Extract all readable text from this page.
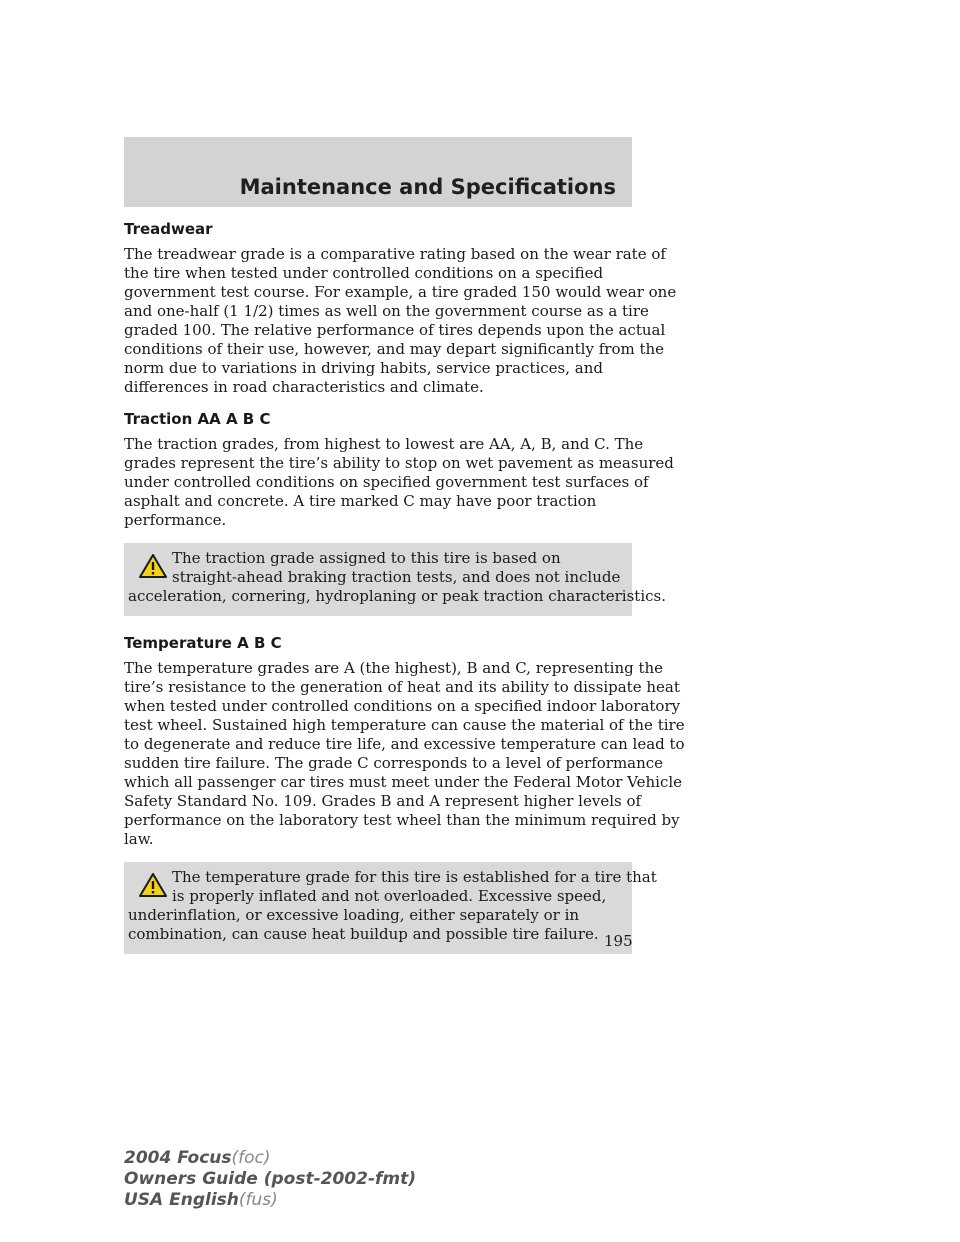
Maintenance and Specifications
Treadwear

The treadwear grade is a comparative rating based on the wear rate of
the tire when tested under controlled conditions on a specified
government test course. For example, a tire graded 150 would wear one
and one-half (1 1/2) times as well on the government course as a tire
graded 100. The relative performance of tires depends upon the actual
conditions of their use, however, and may depart significantly from the
norm due to variations in driving habits, service practices, and
differences in road characteristics and climate.

Traction AA A B C

The traction grades, from highest to lowest are AA, A, B, and C. The
grades represent the tire’s ability to stop on wet pavement as measured
under controlled conditions on specified government test surfaces of
asphalt and concrete. A tire marked C may have poor traction
performance.

The traction grade assigned to this tire is based on
straight-ahead braking traction tests, and does not include
acceleration, cornering, hydroplaning or peak traction characteristics.
Temperature A B C

The temperature grades are A (the highest), B and C, representing the
tire’s resistance to the generation of heat and its ability to dissipate heat
when tested under controlled conditions on a specified indoor laboratory
test wheel. Sustained high temperature can cause the material of the tire
to degenerate and reduce tire life, and excessive temperature can lead to
sudden tire failure. The grade C corresponds to a level of performance
which all passenger car tires must meet under the Federal Motor Vehicle
Safety Standard No. 109. Grades B and A represent higher levels of
performance on the laboratory test wheel than the minimum required by
law.

The temperature grade for this tire is established for a tire that
is properly inflated and not overloaded. Excessive speed,
underinflation, or excessive loading, either separately or in
combination, can cause heat buildup and possible tire failure. 195
2004 Focus(foc)
Owners Guide (post-2002-fmt)
USA English(fus)
